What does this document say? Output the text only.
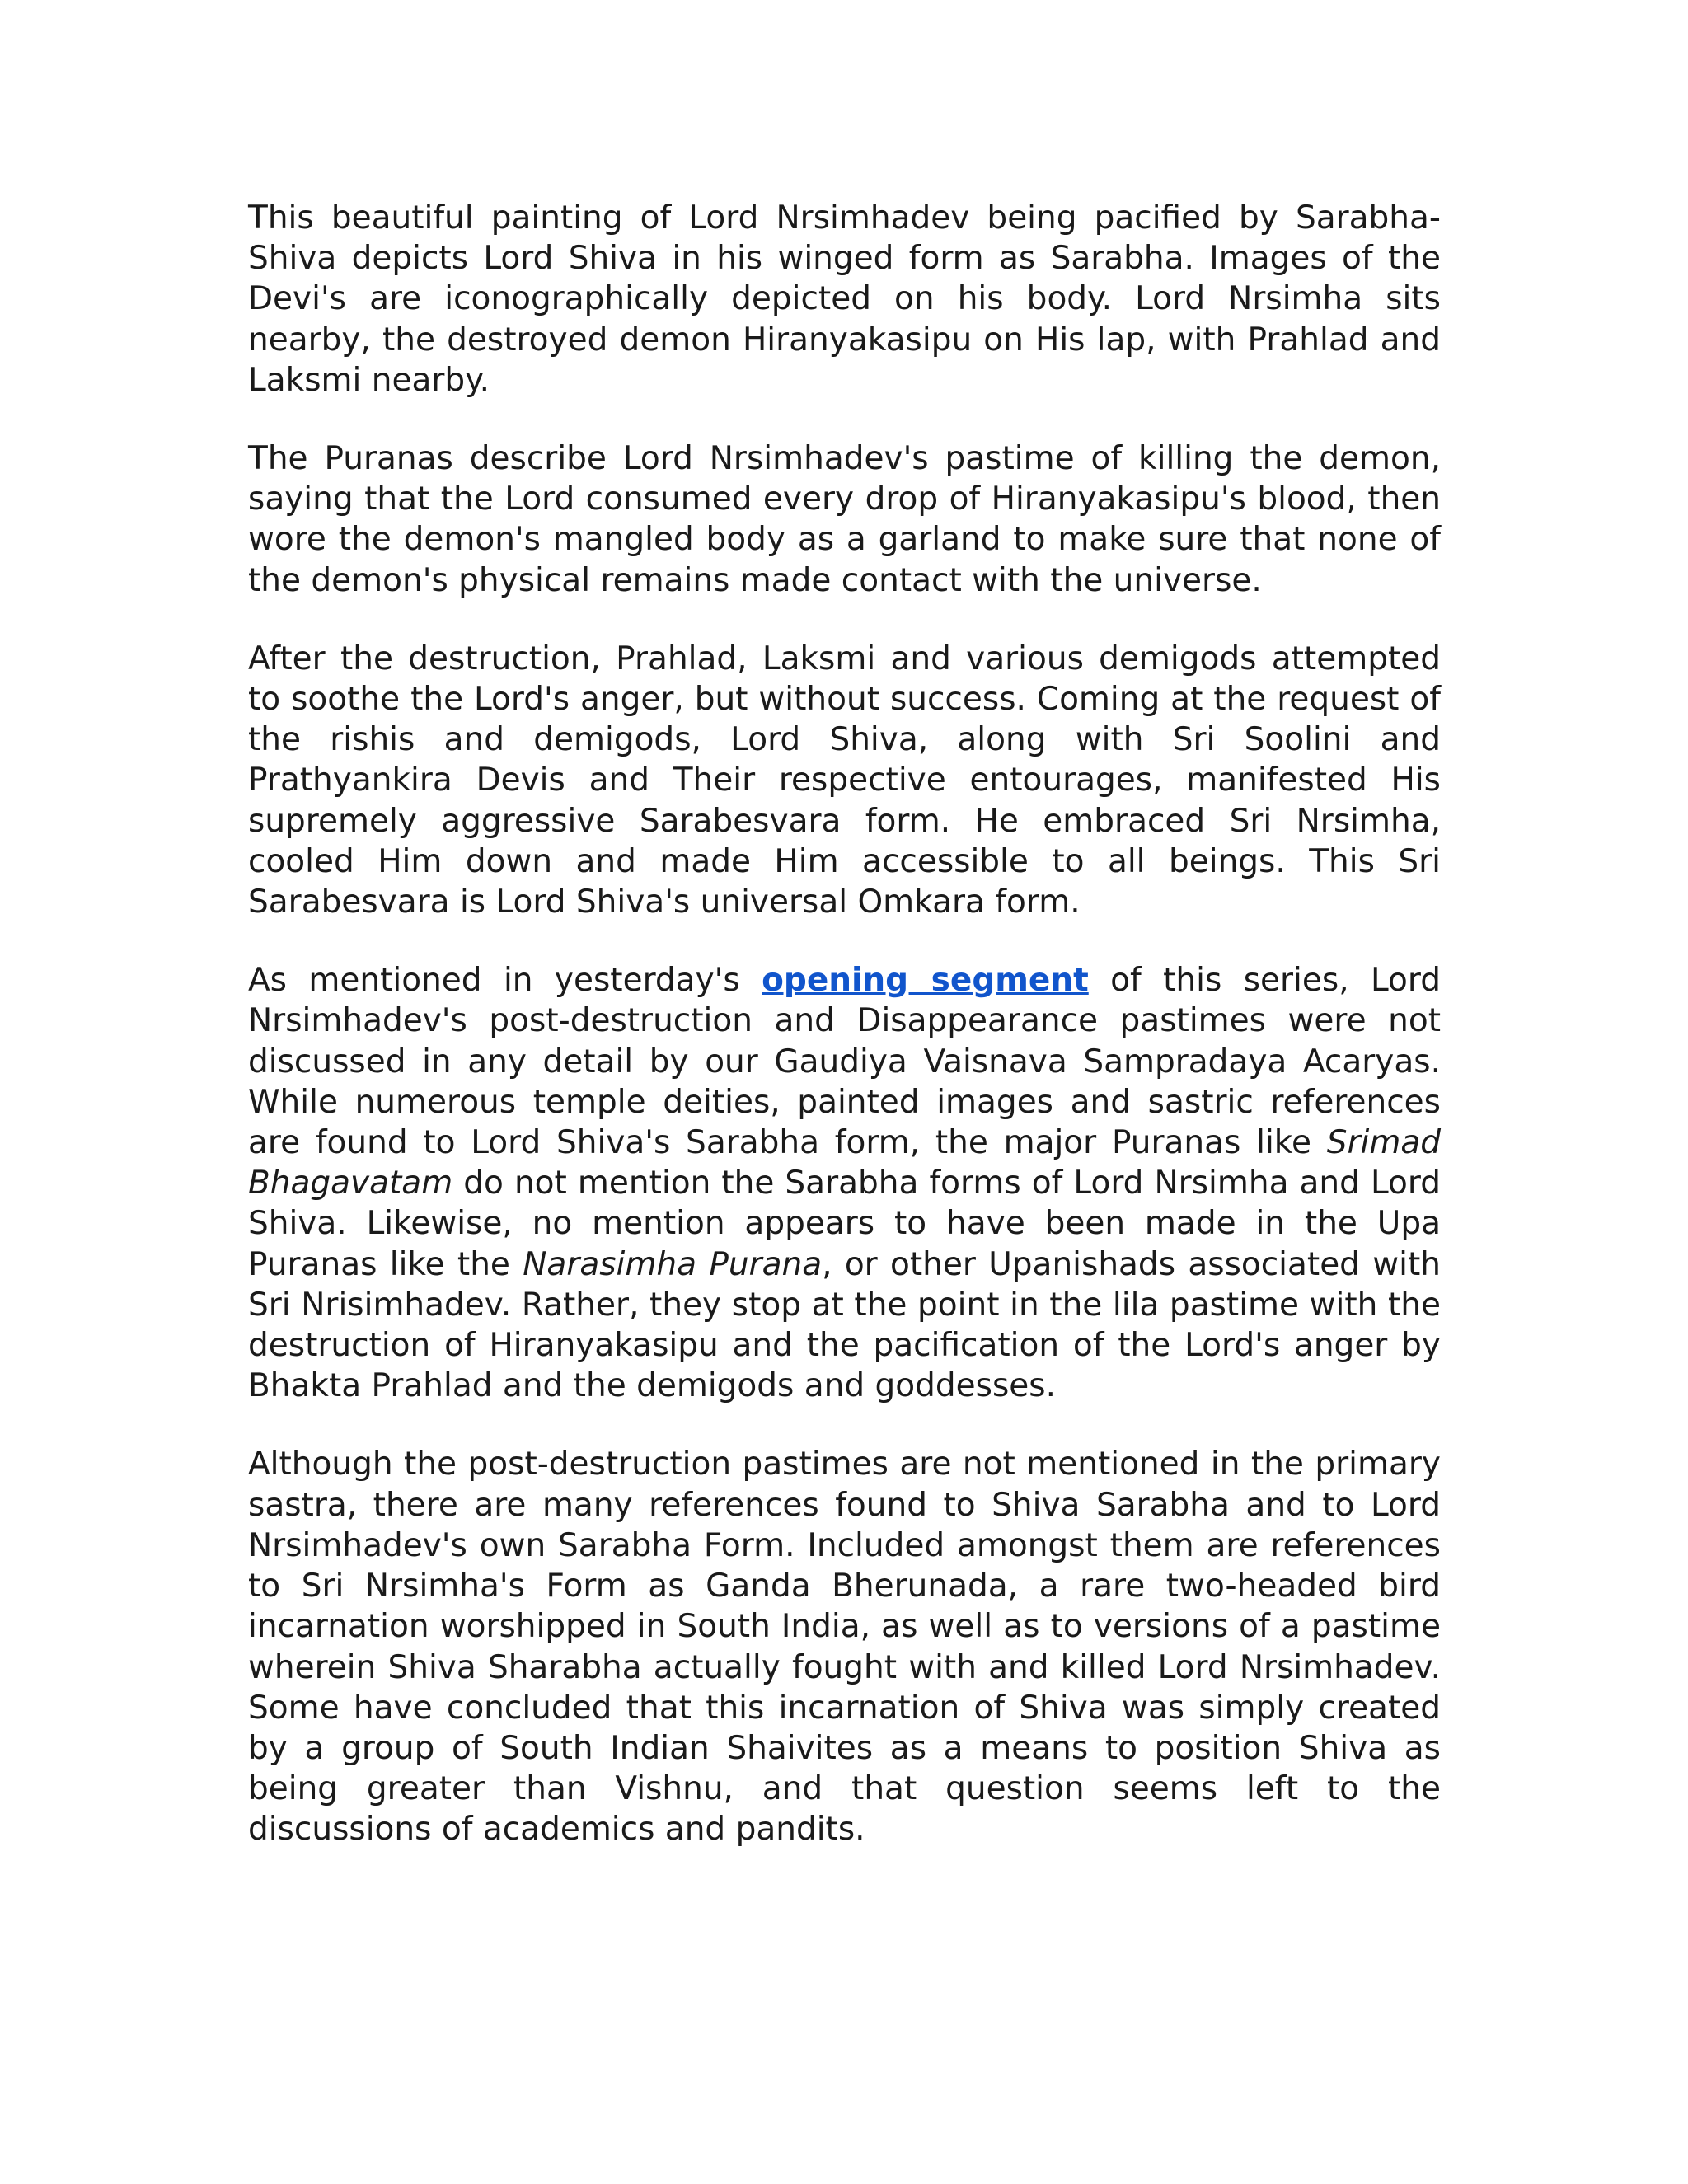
This beautiful painting of Lord Nrsimhadev being pacified by Sarabha-Shiva depicts Lord Shiva in his winged form as Sarabha. Images of the Devi's are iconographically depicted on his body. Lord Nrsimha sits nearby, the destroyed demon Hiranyakasipu on His lap, with Prahlad and Laksmi nearby.

The Puranas describe Lord Nrsimhadev's pastime of killing the demon, saying that the Lord consumed every drop of Hiranyakasipu's blood, then wore the demon's mangled body as a garland to make sure that none of the demon's physical remains made contact with the universe.

After the destruction, Prahlad, Laksmi and various demigods attempted to soothe the Lord's anger, but without success. Coming at the request of the rishis and demigods, Lord Shiva, along with Sri Soolini and Prathyankira Devis and Their respective entourages, manifested His supremely aggressive Sarabesvara form. He embraced Sri Nrsimha, cooled Him down and made Him accessible to all beings. This Sri Sarabesvara is Lord Shiva's universal Omkara form.

As mentioned in yesterday's opening segment of this series, Lord Nrsimhadev's post-destruction and Disappearance pastimes were not discussed in any detail by our Gaudiya Vaisnava Sampradaya Acaryas. While numerous temple deities, painted images and sastric references are found to Lord Shiva's Sarabha form, the major Puranas like Srimad Bhagavatam do not mention the Sarabha forms of Lord Nrsimha and Lord Shiva. Likewise, no mention appears to have been made in the Upa Puranas like the Narasimha Purana, or other Upanishads associated with Sri Nrisimhadev. Rather, they stop at the point in the lila pastime with the destruction of Hiranyakasipu and the pacification of the Lord's anger by Bhakta Prahlad and the demigods and goddesses.

Although the post-destruction pastimes are not mentioned in the primary sastra, there are many references found to Shiva Sarabha and to Lord Nrsimhadev's own Sarabha Form. Included amongst them are references to Sri Nrsimha's Form as Ganda Bherunada, a rare two-headed bird incarnation worshipped in South India, as well as to versions of a pastime wherein Shiva Sharabha actually fought with and killed Lord Nrsimhadev. Some have concluded that this incarnation of Shiva was simply created by a group of South Indian Shaivites as a means to position Shiva as being greater than Vishnu, and that question seems left to the discussions of academics and pandits.
